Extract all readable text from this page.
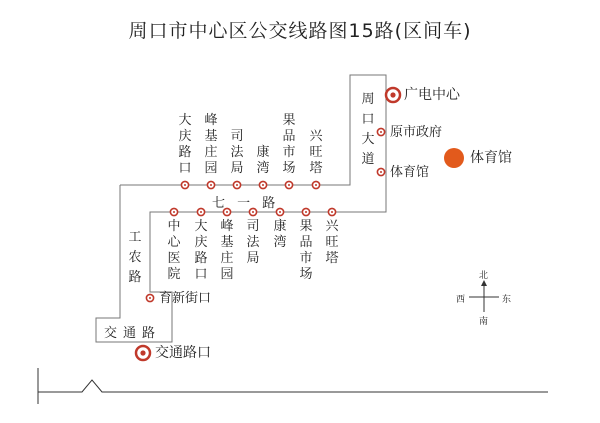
周口市中心区公交线路图15路(区间车)
广电中心
交通路口
体育馆
原市政府
体育馆
育新街口
周口大道
七 一 路
工农路
交通路
大庆路口
峰基庄园
司法局
康湾
果品市场
兴旺塔
中心医院
大庆路口
峰基庄园
司法局
康湾
果品市场
兴旺塔
北
南
西	东
